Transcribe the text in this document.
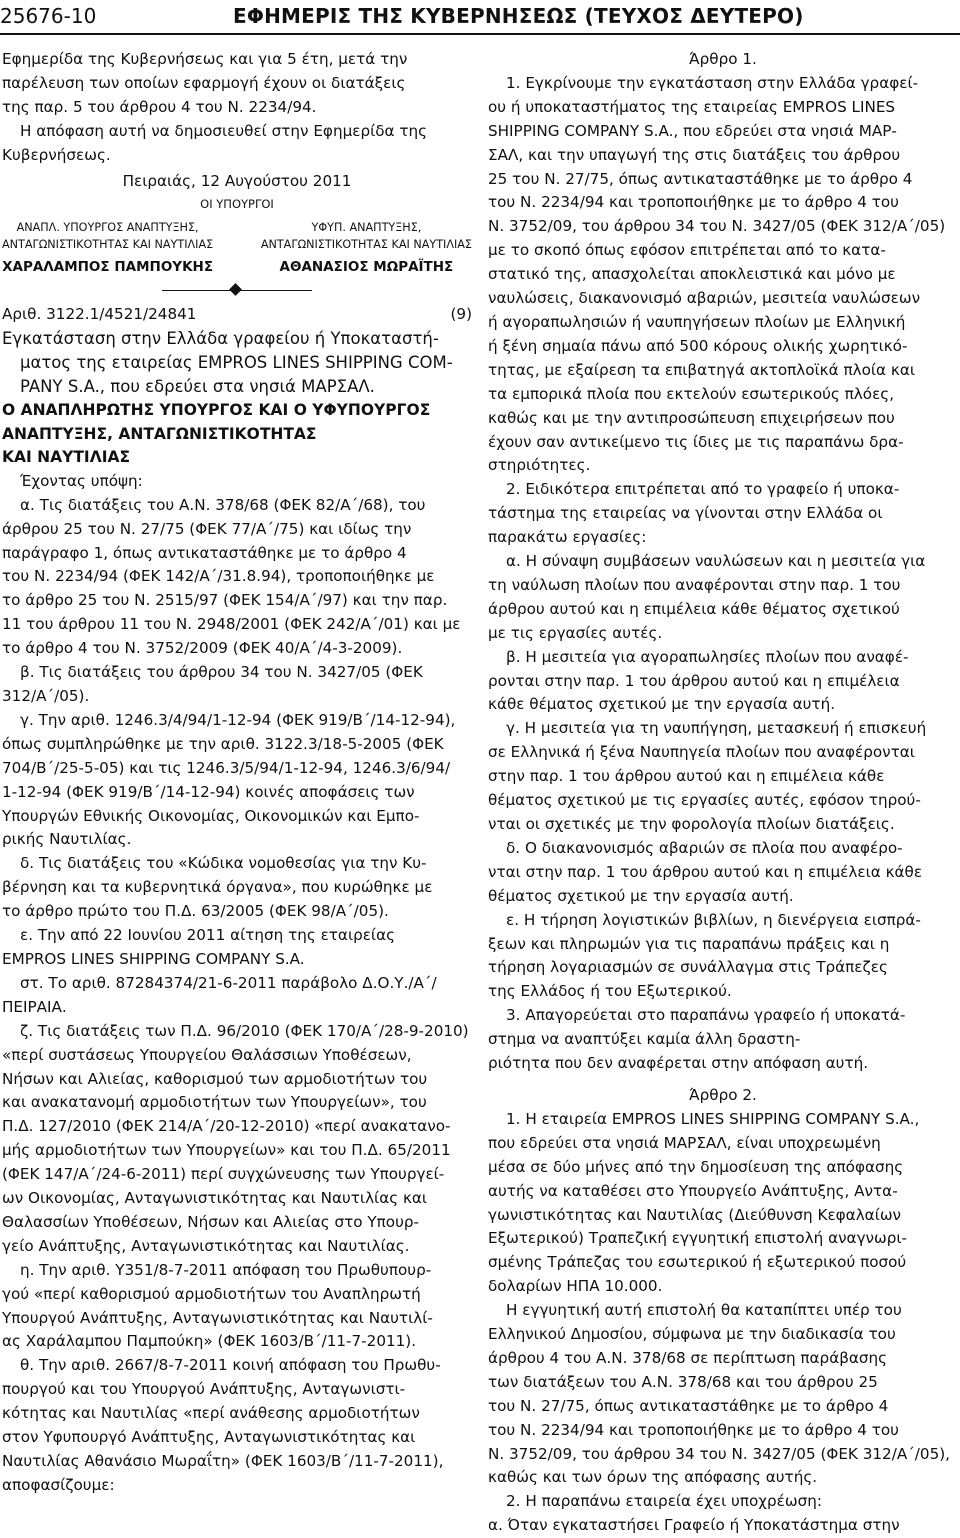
25676-10	ΕΦΗΜΕΡΙΣ ΤΗΣ ΚΥΒΕΡΝΗΣΕΩΣ (ΤΕΥΧΟΣ ΔΕΥΤΕΡΟ)

Εφημερίδα της Κυβερνήσεως και για 5 έτη, μετά την
παρέλευση των οποίων εφαρμογή έχουν οι διατάξεις
της παρ. 5 του άρθρου 4 του Ν. 2234/94.

Η απόφαση αυτή να δημοσιευθεί στην Εφημερίδα της
Κυβερνήσεως.

Πειραιάς, 12 Αυγούστου 2011

ΟΙ ΥΠΟΥΡΓΟΙ

ΑΝΑΠΛ. ΥΠΟΥΡΓΟΣ ΑΝΑΠΤΥΞΗΣ,
ΑΝΤΑΓΩΝΙΣΤΙΚΟΤΗΤΑΣ ΚΑΙ ΝΑΥΤΙΛΙΑΣ
ΧΑΡΑΛΑΜΠΟΣ ΠΑΜΠΟΥΚΗΣ
ΥΦΥΠ. ΑΝΑΠΤΥΞΗΣ,
ΑΝΤΑΓΩΝΙΣΤΙΚΟΤΗΤΑΣ ΚΑΙ ΝΑΥΤΙΛΙΑΣ
ΑΘΑΝΑΣΙΟΣ ΜΩΡΑΪΤΗΣ
Αριθ. 3122.1/4521/24841	(9)

Εγκατάσταση στην Ελλάδα γραφείου ή Υποκαταστή-
ματος της εταιρείας EMPROS LINES SHIPPING COM-
PANY S.A., που εδρεύει στα νησιά ΜΑΡΣΑΛ.

Ο ΑΝΑΠΛΗΡΩΤΗΣ ΥΠΟΥΡΓΟΣ ΚΑΙ Ο ΥΦΥΠΟΥΡΓΟΣ
ΑΝΑΠΤΥΞΗΣ, ΑΝΤΑΓΩΝΙΣΤΙΚΟΤΗΤΑΣ
ΚΑΙ ΝΑΥΤΙΛΙΑΣ

Έχοντας υπόψη:

α. Τις διατάξεις του Α.Ν. 378/68 (ΦΕΚ 82/Α΄/68), του
άρθρου 25 του Ν. 27/75 (ΦΕΚ 77/Α΄/75) και ιδίως την
παράγραφο 1, όπως αντικαταστάθηκε με το άρθρο 4
του Ν. 2234/94 (ΦΕΚ 142/Α΄/31.8.94), τροποποιήθηκε με
το άρθρο 25 του Ν. 2515/97 (ΦΕΚ 154/Α΄/97) και την παρ.
11 του άρθρου 11 του Ν. 2948/2001 (ΦΕΚ 242/Α΄/01) και με
το άρθρο 4 του Ν. 3752/2009 (ΦΕΚ 40/Α΄/4-3-2009).

β. Τις διατάξεις του άρθρου 34 του Ν. 3427/05 (ΦΕΚ
312/Α΄/05).

γ. Την αριθ. 1246.3/4/94/1-12-94 (ΦΕΚ 919/Β΄/14-12-94),
όπως συμπληρώθηκε με την αριθ. 3122.3/18-5-2005 (ΦΕΚ
704/Β΄/25-5-05) και τις 1246.3/5/94/1-12-94, 1246.3/6/94/
1-12-94 (ΦΕΚ 919/Β΄/14-12-94) κοινές αποφάσεις των
Υπουργών Εθνικής Οικονομίας, Οικονομικών και Εμπο-
ρικής Ναυτιλίας.

δ. Τις διατάξεις του «Κώδικα νομοθεσίας για την Κυ-
βέρνηση και τα κυβερνητικά όργανα», που κυρώθηκε με
το άρθρο πρώτο του Π.Δ. 63/2005 (ΦΕΚ 98/Α΄/05).

ε. Την από 22 Ιουνίου 2011 αίτηση της εταιρείας
EMPROS LINES SHIPPING COMPANY S.A.

στ. Το αριθ. 87284374/21-6-2011 παράβολο Δ.Ο.Υ./Α΄/
ΠΕΙΡΑΙΑ.

ζ. Τις διατάξεις των Π.Δ. 96/2010 (ΦΕΚ 170/Α΄/28-9-2010)
«περί συστάσεως Υπουργείου Θαλάσσιων Υποθέσεων,
Νήσων και Αλιείας, καθορισμού των αρμοδιοτήτων του
και ανακατανομή αρμοδιοτήτων των Υπουργείων», του
Π.Δ. 127/2010 (ΦΕΚ 214/Α΄/20-12-2010) «περί ανακατανο-
μής αρμοδιοτήτων των Υπουργείων» και του Π.Δ. 65/2011
(ΦΕΚ 147/Α΄/24-6-2011) περί συγχώνευσης των Υπουργεί-
ων Οικονομίας, Ανταγωνιστικότητας και Ναυτιλίας και
Θαλασσίων Υποθέσεων, Νήσων και Αλιείας στο Υπουρ-
γείο Ανάπτυξης, Ανταγωνιστικότητας και Ναυτιλίας.

η. Την αριθ. Υ351/8-7-2011 απόφαση του Πρωθυπουρ-
γού «περί καθορισμού αρμοδιοτήτων του Αναπληρωτή
Υπουργού Ανάπτυξης, Ανταγωνιστικότητας και Ναυτιλί-
ας Χαράλαμπου Παμπούκη» (ΦΕΚ 1603/Β΄/11-7-2011).

θ. Την αριθ. 2667/8-7-2011 κοινή απόφαση του Πρωθυ-
πουργού και του Υπουργού Ανάπτυξης, Ανταγωνιστι-
κότητας και Ναυτιλίας «περί ανάθεσης αρμοδιοτήτων
στον Υφυπουργό Ανάπτυξης, Ανταγωνιστικότητας και
Ναυτιλίας Αθανάσιο Μωραΐτη» (ΦΕΚ 1603/Β΄/11-7-2011),
αποφασίζουμε:

Άρθρο 1.

1. Εγκρίνουμε την εγκατάσταση στην Ελλάδα γραφεί-
ου ή υποκαταστήματος της εταιρείας EMPROS LINES
SHIPPING COMPANY S.A., που εδρεύει στα νησιά ΜΑΡ-
ΣΑΛ, και την υπαγωγή της στις διατάξεις του άρθρου
25 του Ν. 27/75, όπως αντικαταστάθηκε με το άρθρο 4
του Ν. 2234/94 και τροποποιήθηκε με το άρθρο 4 του
Ν. 3752/09, του άρθρου 34 του Ν. 3427/05 (ΦΕΚ 312/Α΄/05)
με το σκοπό όπως εφόσον επιτρέπεται από το κατα-
στατικό της, απασχολείται αποκλειστικά και μόνο με
ναυλώσεις, διακανονισμό αβαριών, μεσιτεία ναυλώσεων
ή αγοραπωλησιών ή ναυπηγήσεων πλοίων με Ελληνική
ή ξένη σημαία πάνω από 500 κόρους ολικής χωρητικό-
τητας, με εξαίρεση τα επιβατηγά ακτοπλοϊκά πλοία και
τα εμπορικά πλοία που εκτελούν εσωτερικούς πλόες,
καθώς και με την αντιπροσώπευση επιχειρήσεων που
έχουν σαν αντικείμενο τις ίδιες με τις παραπάνω δρα-
στηριότητες.

2. Ειδικότερα επιτρέπεται από το γραφείο ή υποκα-
τάστημα της εταιρείας να γίνονται στην Ελλάδα οι
παρακάτω εργασίες:

α. Η σύναψη συμβάσεων ναυλώσεων και η μεσιτεία για
τη ναύλωση πλοίων που αναφέρονται στην παρ. 1 του
άρθρου αυτού και η επιμέλεια κάθε θέματος σχετικού
με τις εργασίες αυτές.

β. Η μεσιτεία για αγοραπωλησίες πλοίων που αναφέ-
ρονται στην παρ. 1 του άρθρου αυτού και η επιμέλεια
κάθε θέματος σχετικού με την εργασία αυτή.

γ. Η μεσιτεία για τη ναυπήγηση, μετασκευή ή επισκευή
σε Ελληνικά ή ξένα Ναυπηγεία πλοίων που αναφέρονται
στην παρ. 1 του άρθρου αυτού και η επιμέλεια κάθε
θέματος σχετικού με τις εργασίες αυτές, εφόσον τηρού-
νται οι σχετικές με την φορολογία πλοίων διατάξεις.

δ. Ο διακανονισμός αβαριών σε πλοία που αναφέρο-
νται στην παρ. 1 του άρθρου αυτού και η επιμέλεια κάθε
θέματος σχετικού με την εργασία αυτή.

ε. Η τήρηση λογιστικών βιβλίων, η διενέργεια εισπρά-
ξεων και πληρωμών για τις παραπάνω πράξεις και η
τήρηση λογαριασμών σε συνάλλαγμα στις Τράπεζες
της Ελλάδος ή του Εξωτερικού.

3. Απαγορεύεται στο παραπάνω γραφείο ή υποκατά-
στημα να αναπτύξει καμία άλλη δραστη-
ριότητα που δεν αναφέρεται στην απόφαση αυτή.

Άρθρο 2.

1. Η εταιρεία EMPROS LINES SHIPPING COMPANY S.A.,
που εδρεύει στα νησιά ΜΑΡΣΑΛ, είναι υποχρεωμένη
μέσα σε δύο μήνες από την δημοσίευση της απόφασης
αυτής να καταθέσει στο Υπουργείο Ανάπτυξης, Αντα-
γωνιστικότητας και Ναυτιλίας (Διεύθυνση Κεφαλαίων
Εξωτερικού) Τραπεζική εγγυητική επιστολή αναγνωρι-
σμένης Τράπεζας του εσωτερικού ή εξωτερικού ποσού
δολαρίων ΗΠΑ 10.000.

Η εγγυητική αυτή επιστολή θα καταπίπτει υπέρ του
Ελληνικού Δημοσίου, σύμφωνα με την διαδικασία του
άρθρου 4 του Α.Ν. 378/68 σε περίπτωση παράβασης
των διατάξεων του Α.Ν. 378/68 και του άρθρου 25
του Ν. 27/75, όπως αντικαταστάθηκε με το άρθρο 4
του Ν. 2234/94 και τροποποιήθηκε με το άρθρο 4 του
Ν. 3752/09, του άρθρου 34 του Ν. 3427/05 (ΦΕΚ 312/Α΄/05),
καθώς και των όρων της απόφασης αυτής.

2. Η παραπάνω εταιρεία έχει υποχρέωση:
α. Όταν εγκαταστήσει Γραφείο ή Υποκατάστημα στην
